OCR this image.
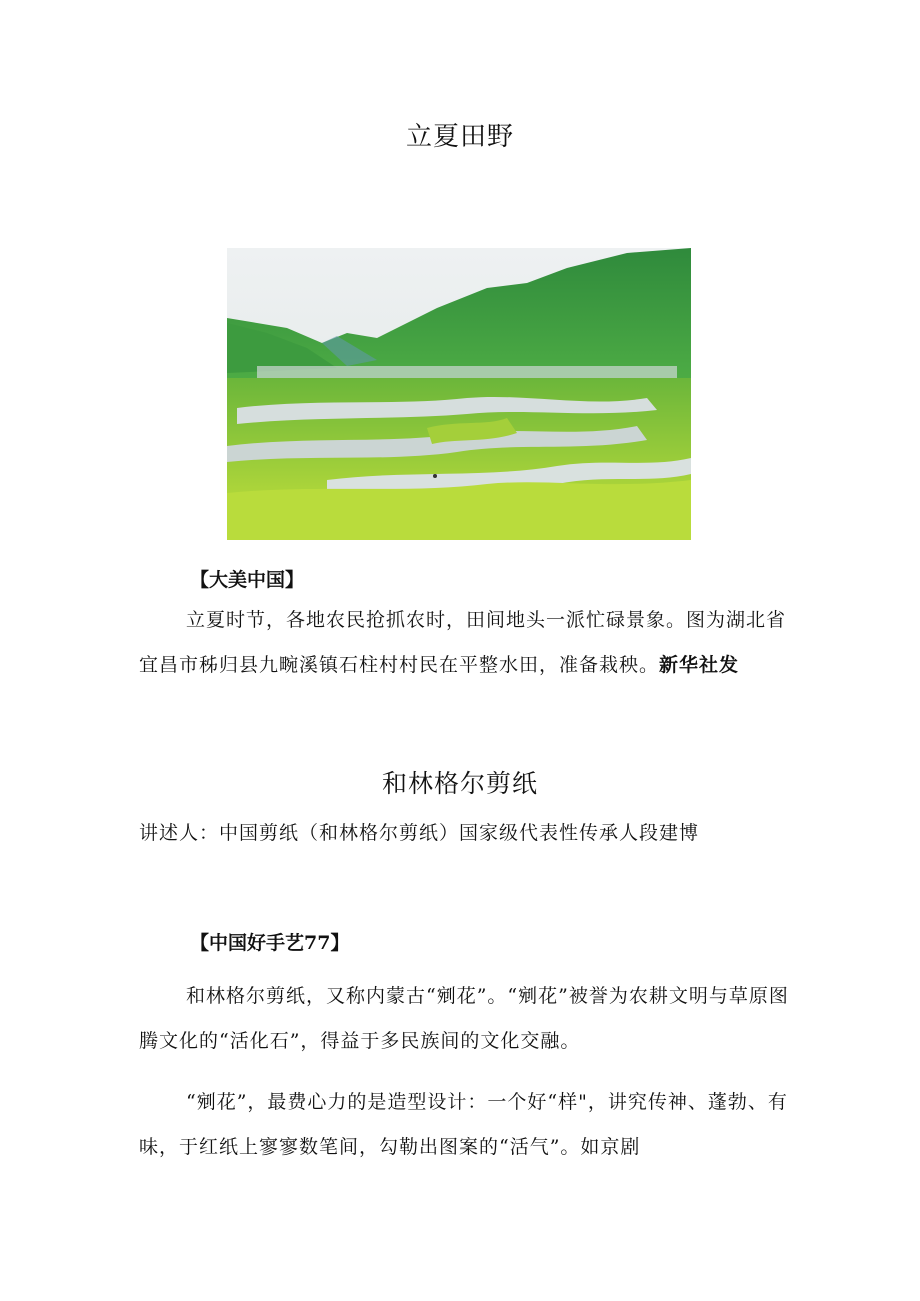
立夏田野
【大美中国】
立夏时节，各地农民抢抓农时，田间地头一派忙碌景象。图为湖北省宜昌市秭归县九畹溪镇石柱村村民在平整水田，准备栽秧。新华社发
和林格尔剪纸
讲述人：中国剪纸（和林格尔剪纸）国家级代表性传承人段建博
【中国好手艺77】
和林格尔剪纸，又称内蒙古“剜花”。“剜花”被誉为农耕文明与草原图腾文化的“活化石”，得益于多民族间的文化交融。
“剜花”，最费心力的是造型设计：一个好“样"，讲究传神、蓬勃、有味，于红纸上寥寥数笔间，勾勒出图案的“活气”。如京剧
